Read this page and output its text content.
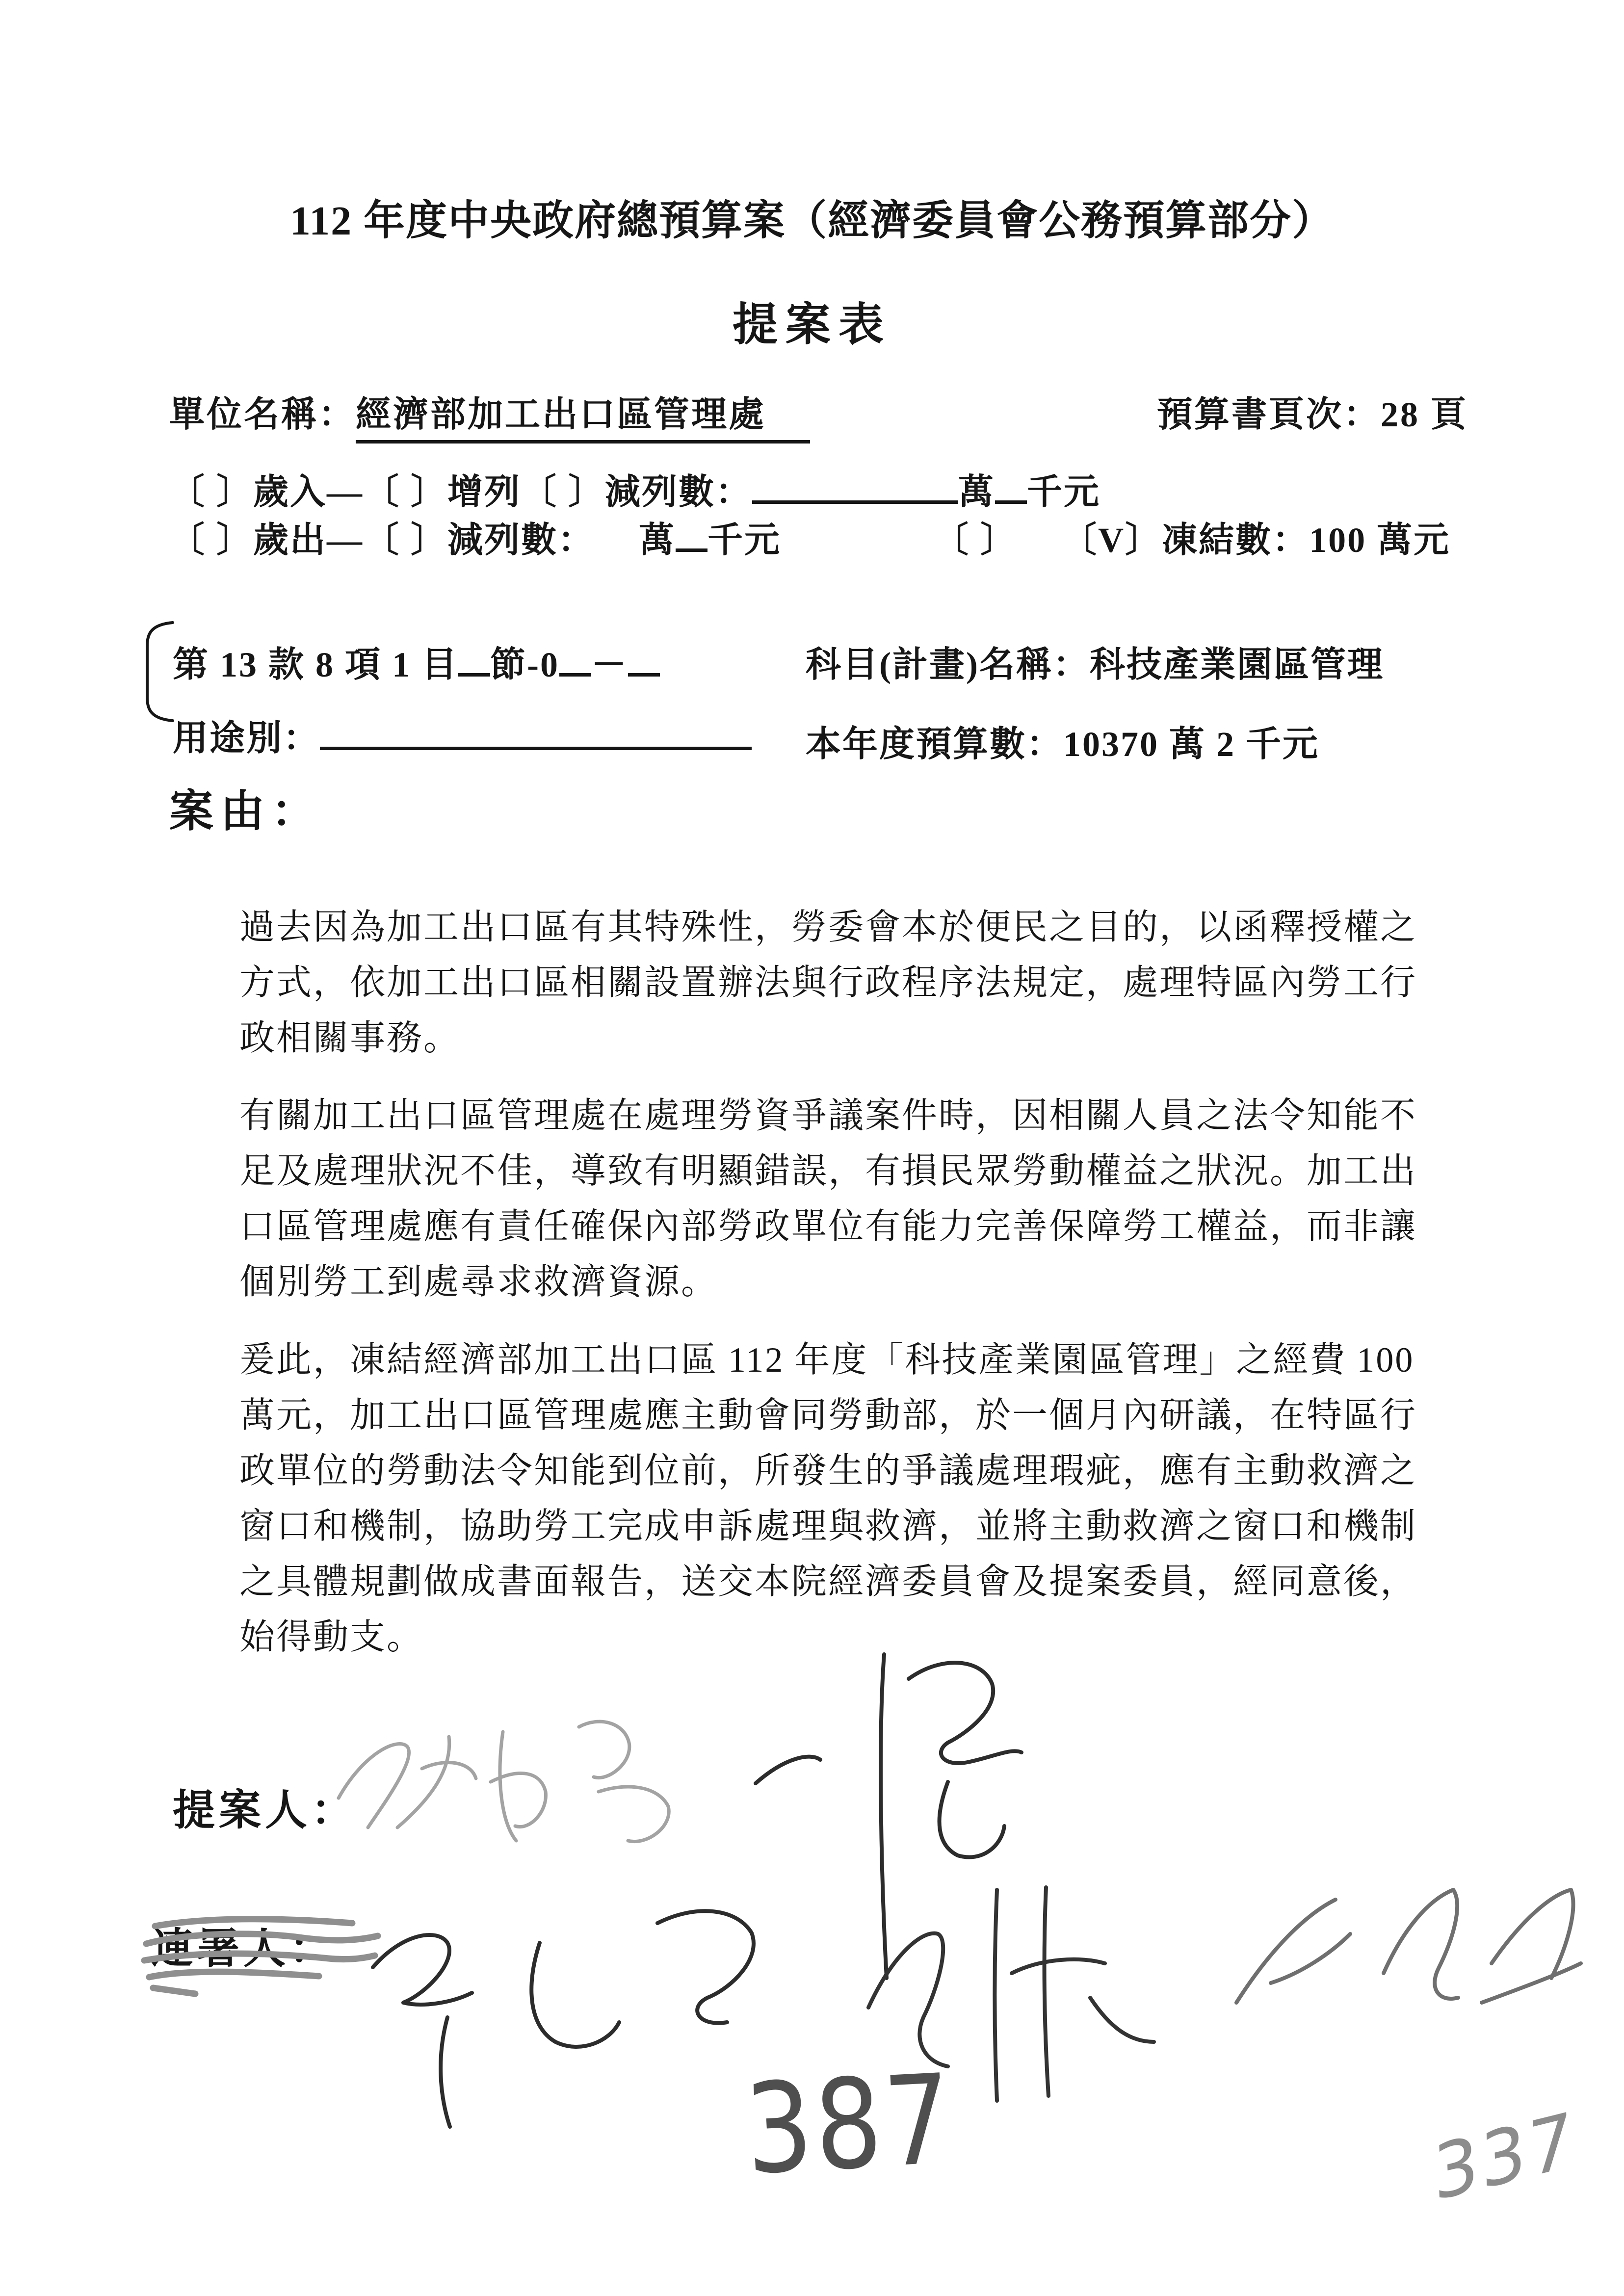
112 年度中央政府總預算案（經濟委員會公務預算部分）
提案表
單位名稱：經濟部加工出口區管理處	預算書頁次：28 頁
〔 〕歲入—〔 〕增列〔 〕減列數：	萬 千元
〔 〕歲出—〔 〕減列數： 萬 千元	〔 〕 〔V〕凍結數：100 萬元
第 13 款 8 項 1 目 節-0 －	科目(計畫)名稱：科技產業園區管理
用途別：	本年度預算數：10370 萬 2 千元
案由：
過去因為加工出口區有其特殊性，勞委會本於便民之目的，以函釋授權之
方式，依加工出口區相關設置辦法與行政程序法規定，處理特區內勞工行
政相關事務。
有關加工出口區管理處在處理勞資爭議案件時，因相關人員之法令知能不
足及處理狀況不佳，導致有明顯錯誤，有損民眾勞動權益之狀況。加工出
口區管理處應有責任確保內部勞政單位有能力完善保障勞工權益，而非讓
個別勞工到處尋求救濟資源。
爰此，凍結經濟部加工出口區 112 年度「科技產業園區管理」之經費 100
萬元，加工出口區管理處應主動會同勞動部，於一個月內研議，在特區行
政單位的勞動法令知能到位前，所發生的爭議處理瑕疵，應有主動救濟之
窗口和機制，協助勞工完成申訴處理與救濟，並將主動救濟之窗口和機制
之具體規劃做成書面報告，送交本院經濟委員會及提案委員，經同意後，
始得動支。
提案人：
連署人：
387	337
